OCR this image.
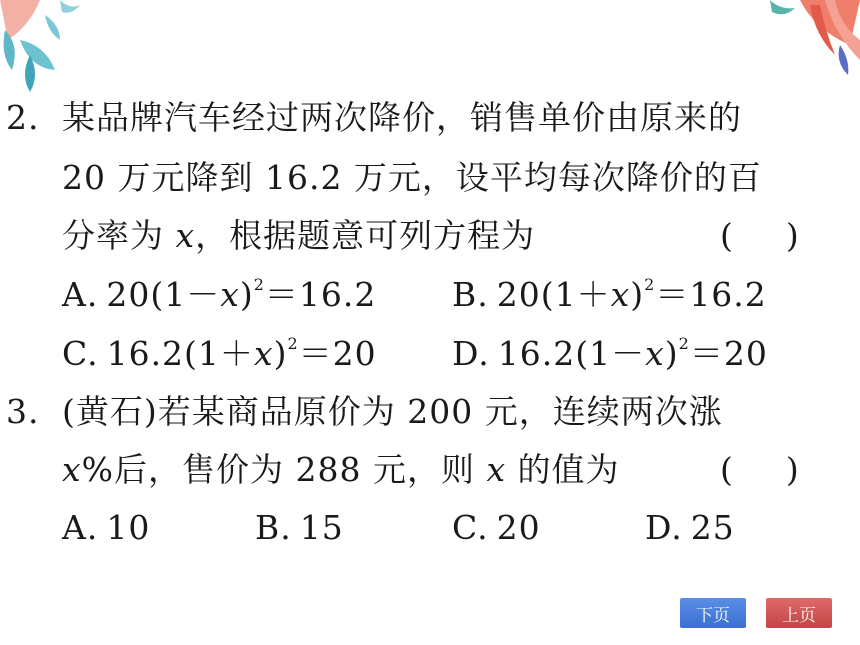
2. 某品牌汽车经过两次降价，销售单价由原来的
20 万元降到 16.2 万元，设平均每次降价的百
分率为 x，根据题意可列方程为	( )
A. $20(1-x)^2=16.2$ B. $20(1+x)^2=16.2$
C. $16.2(1+x)^2=20$ D. $16.2(1-x)^2=20$
3. (黄石)若某商品原价为 200 元，连续两次涨
x%后，售价为 288 元，则 x 的值为	( )
A. 10	B. 15	C. 20	D. 25
下页	上页
